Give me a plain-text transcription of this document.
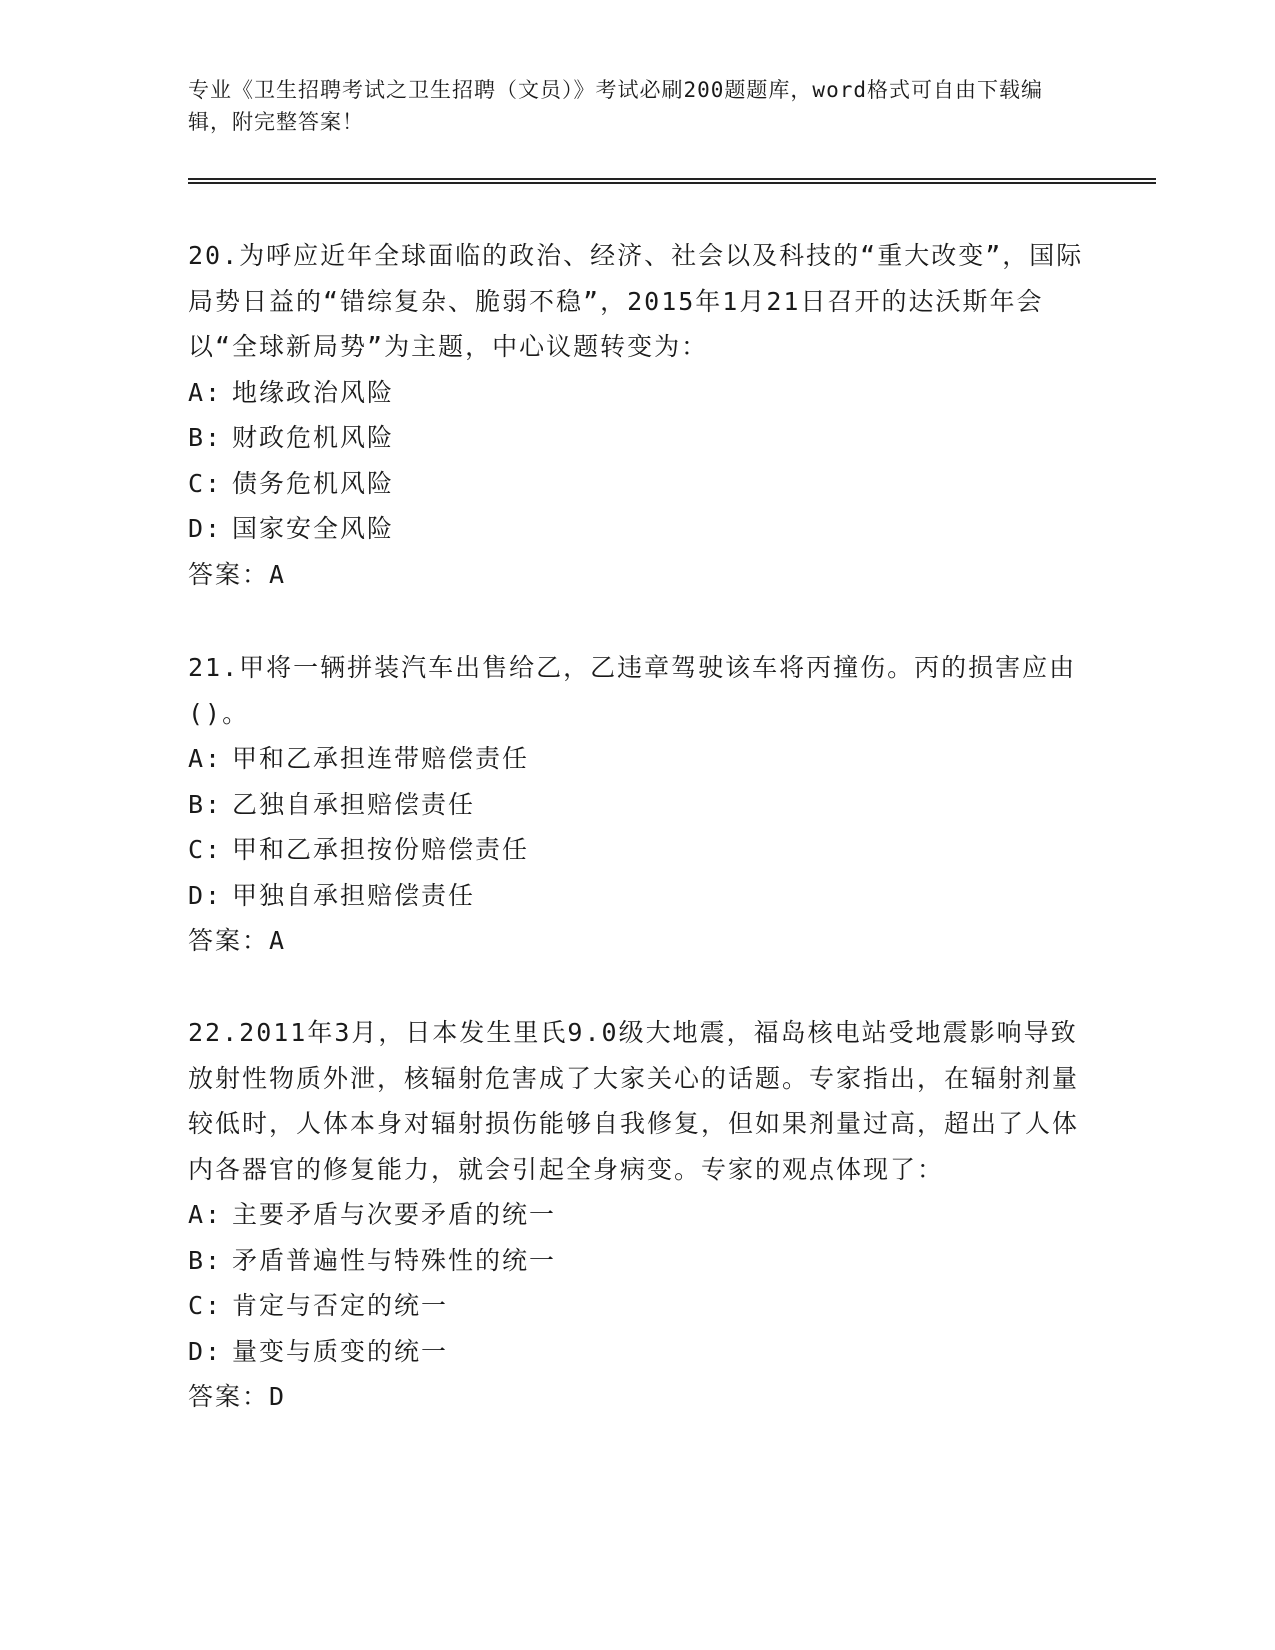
专业《卫生招聘考试之卫生招聘（文员）》考试必刷200题题库，word格式可自由下载编辑，附完整答案！
20.为呼应近年全球面临的政治、经济、社会以及科技的“重大改变”，国际局势日益的“错综复杂、脆弱不稳”，2015年1月21日召开的达沃斯年会以“全球新局势”为主题，中心议题转变为：
A: 地缘政治风险
B: 财政危机风险
C: 债务危机风险
D: 国家安全风险
答案：A
21.甲将一辆拼装汽车出售给乙，乙违章驾驶该车将丙撞伤。丙的损害应由()。
A: 甲和乙承担连带赔偿责任
B: 乙独自承担赔偿责任
C: 甲和乙承担按份赔偿责任
D: 甲独自承担赔偿责任
答案：A
22.2011年3月，日本发生里氏9.0级大地震，福岛核电站受地震影响导致放射性物质外泄，核辐射危害成了大家关心的话题。专家指出，在辐射剂量较低时，人体本身对辐射损伤能够自我修复，但如果剂量过高，超出了人体内各器官的修复能力，就会引起全身病变。专家的观点体现了：
A: 主要矛盾与次要矛盾的统一
B: 矛盾普遍性与特殊性的统一
C: 肯定与否定的统一
D: 量变与质变的统一
答案：D
